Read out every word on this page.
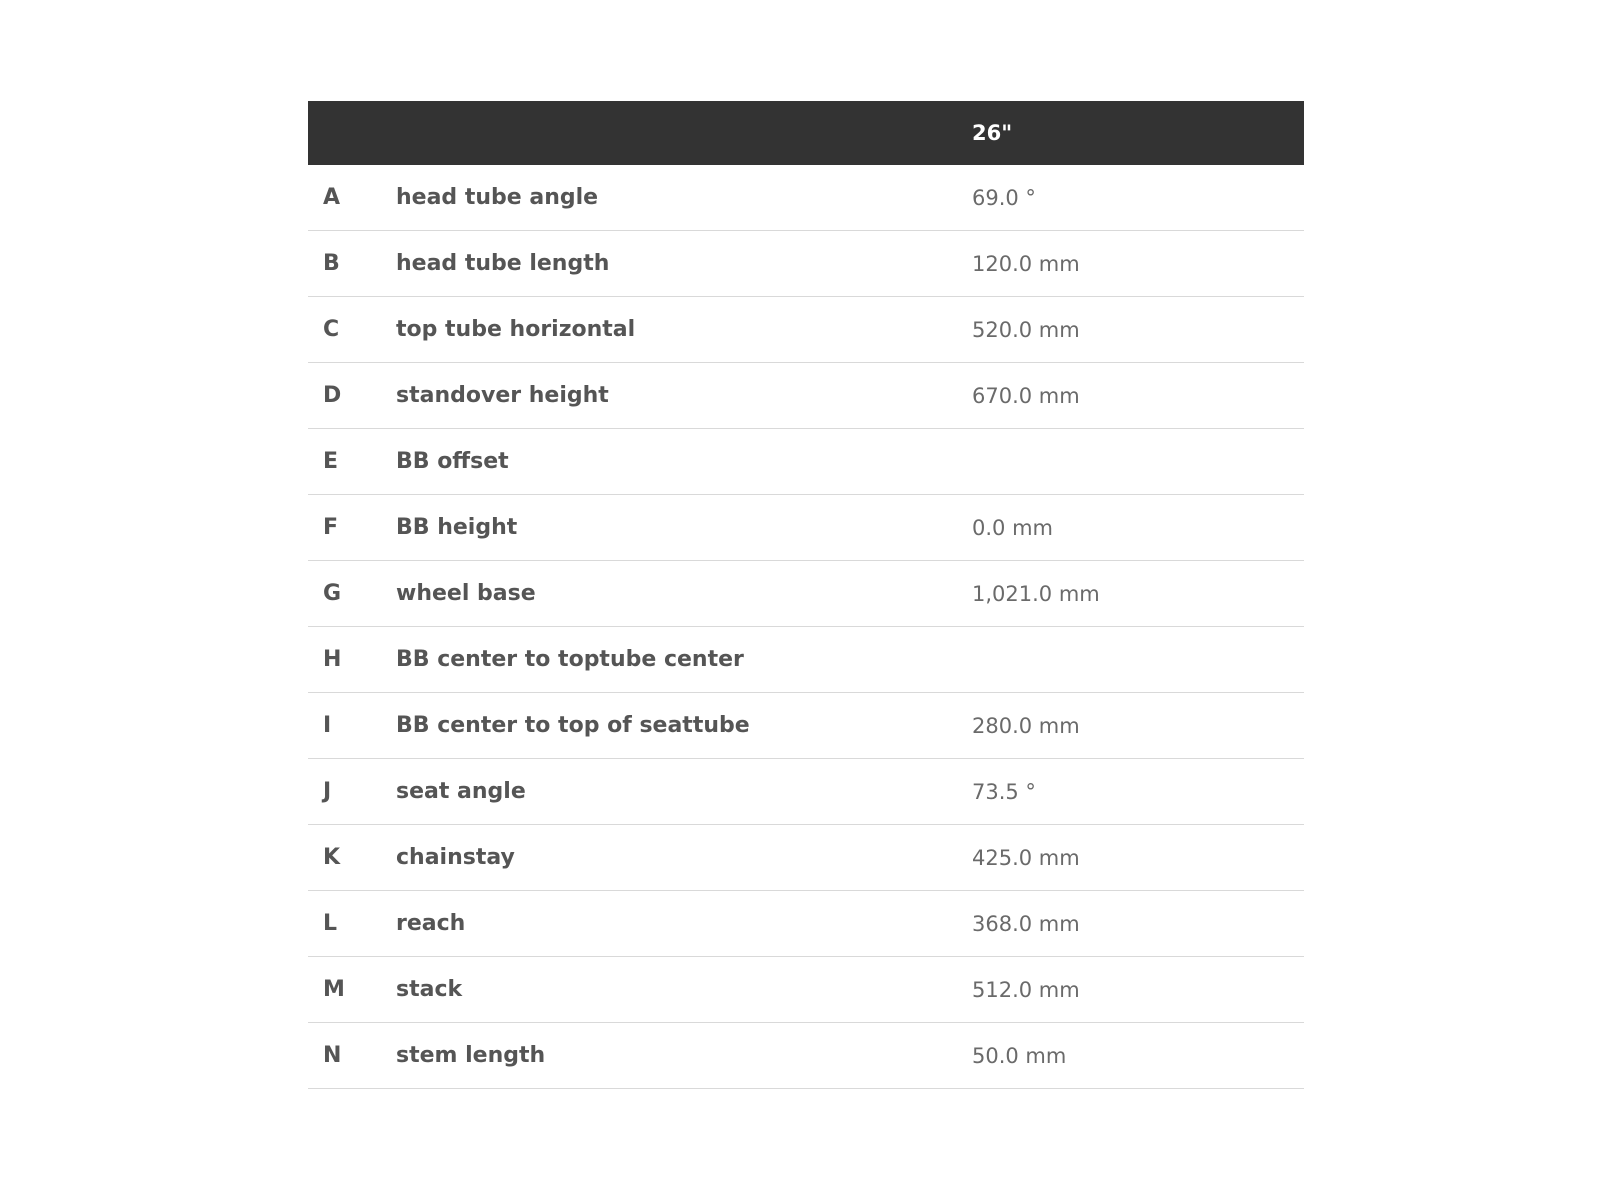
26"
A	head tube angle	69.0 °
B	head tube length	120.0 mm
C	top tube horizontal	520.0 mm
D standover height	670.0 mm
E	BB offset
F	BB height	0.0 mm
G wheel base	1,021.0 mm
H BB center to toptube center
I	BB center to top of seattube	280.0 mm
J	seat angle	73.5 °
K	chainstay	425.0 mm
L	reach	368.0 mm
M stack	512.0 mm
N stem length	50.0 mm
